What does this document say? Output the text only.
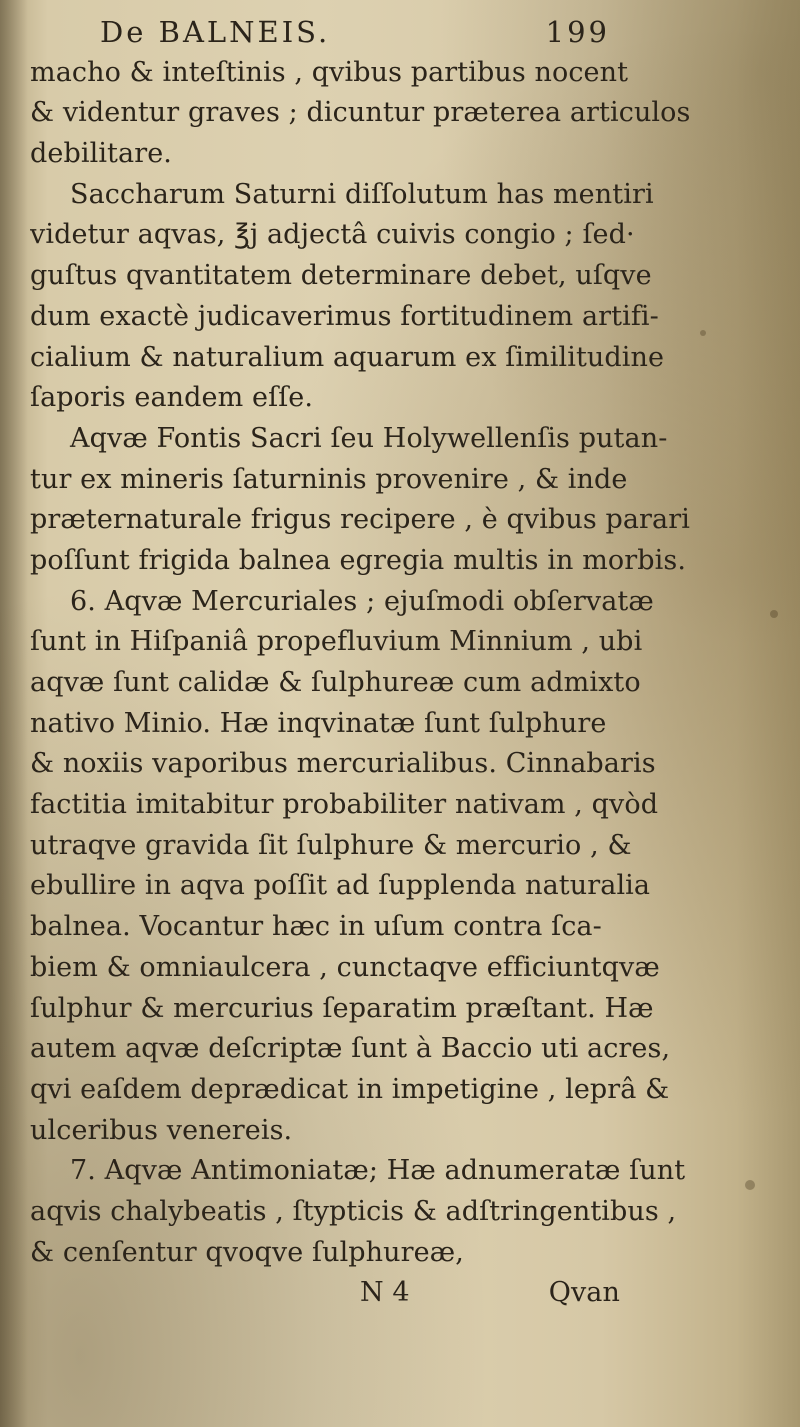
De BALNEIS.	199
macho & inteſtinis , qvibus partibus nocent
& videntur graves ; dicuntur præterea articulos
debilitare.
Saccharum Saturni diſſolutum has mentiri
videtur aqvas, ℥j adjectâ cuivis congio ; ſed·
guſtus qvantitatem determinare debet, uſqve
dum exactè judicaverimus fortitudinem artifi-
cialium & naturalium aquarum ex ſimilitudine
ſaporis eandem eſſe.
Aqvæ Fontis Sacri ſeu Holywellenſis putan-
tur ex mineris ſaturninis provenire , & inde
præternaturale frigus recipere , è qvibus parari
poſſunt frigida balnea egregia multis in morbis.
6. Aqvæ Mercuriales ; ejuſmodi obſervatæ
ſunt in Hiſpaniâ propefluvium Minnium , ubi
aqvæ ſunt calidæ & ſulphureæ cum admixto
nativo Minio. Hæ inqvinatæ ſunt ſulphure
& noxiis vaporibus mercurialibus. Cinnabaris
factitia imitabitur probabiliter nativam , qvòd
utraqve gravida ſit ſulphure & mercurio , &
ebullire in aqva poſſit ad ſupplenda naturalia
balnea. Vocantur hæc in uſum contra ſca-
biem & omniaulcera , cunctaqve efficiuntqvæ
ſulphur & mercurius ſeparatim præſtant. Hæ
autem aqvæ deſcriptæ ſunt à Baccio uti acres,
qvi eaſdem deprædicat in impetigine , leprâ &
ulceribus venereis.
7. Aqvæ Antimoniatæ; Hæ adnumeratæ ſunt
aqvis chalybeatis , ſtypticis & adſtringentibus ,
& cenſentur qvoqve ſulphureæ,
N 4	Qvan
